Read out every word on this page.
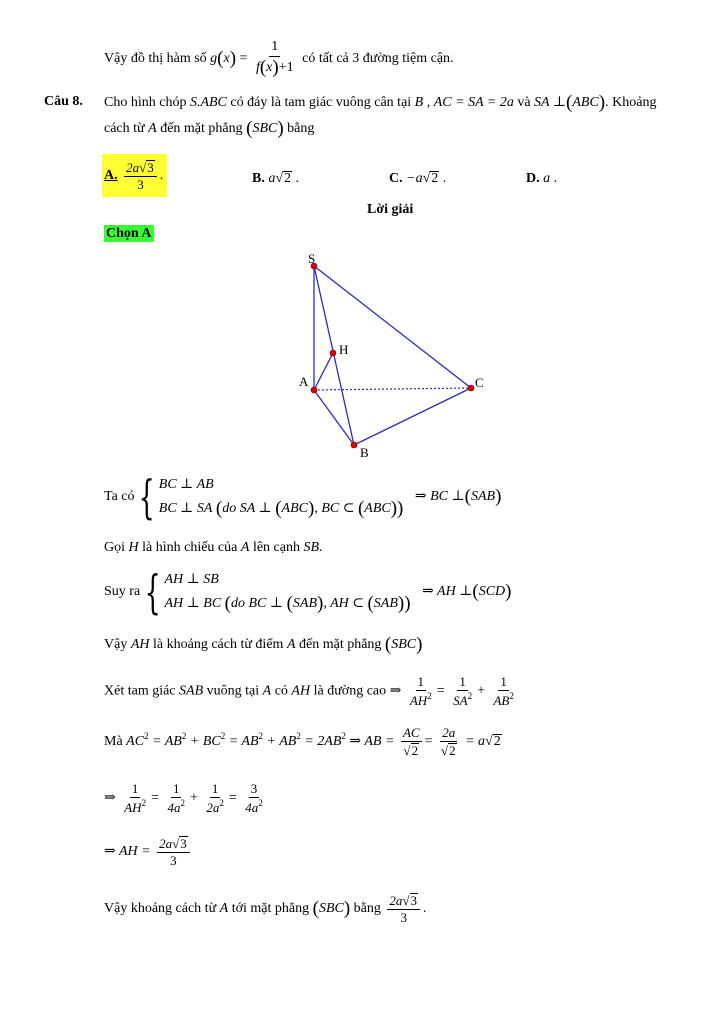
Vậy đồ thị hàm số $g(x) = \frac{1}{f(x)+1}$ có tất cả 3 đường tiệm cận.
Câu 8. Cho hình chóp S.ABC có đáy là tam giác vuông cân tại B , AC = SA = 2a và SA ⊥(ABC). Khoảng
cách từ A đến mặt phẳng (SBC) bằng
A. $\frac{2a√ 3}{3}$ .	B. a√ 2 .	C. −a√ 2 .	D. a .
Lời giải
Chọn A
S
H
A	C
B
Ta có { BC ⊥ AB
BC ⊥ SA (do SA ⊥ (ABC), BC ⊂ (ABC)) ⇒ BC ⊥(SAB)
Gọi H là hình chiếu của A lên cạnh SB.
Suy ra { AH ⊥ SB
AH ⊥ BC (do BC ⊥ (SAB), AH ⊂ (SAB)) ⇒ AH ⊥(SCD)
Vậy AH là khoảng cách từ điểm A đến mặt phẳng (SBC)
Xét tam giác SAB vuông tại A có AH là đường cao ⇒ $\frac{1}{AH^2} = \frac{1}{SA^2} + \frac{1}{AB^2}$
Mà $AC^2 = AB^2 + BC^2 = AB^2 + AB^2 = 2AB^2$ ⇒ AB = $\frac{AC}{√ 2} = \frac{2a}{√ 2} = a√$ 2
⇒ $\frac{1}{AH^2} = \frac{1}{4a^2} + \frac{1}{2a^2} = \frac{3}{4a^2}$
⇒ AH = $\frac{2a√ 3}{3}$
Vậy khoảng cách từ A tới mặt phẳng (SBC) bằng $\frac{2a√ 3}{3}$ .
